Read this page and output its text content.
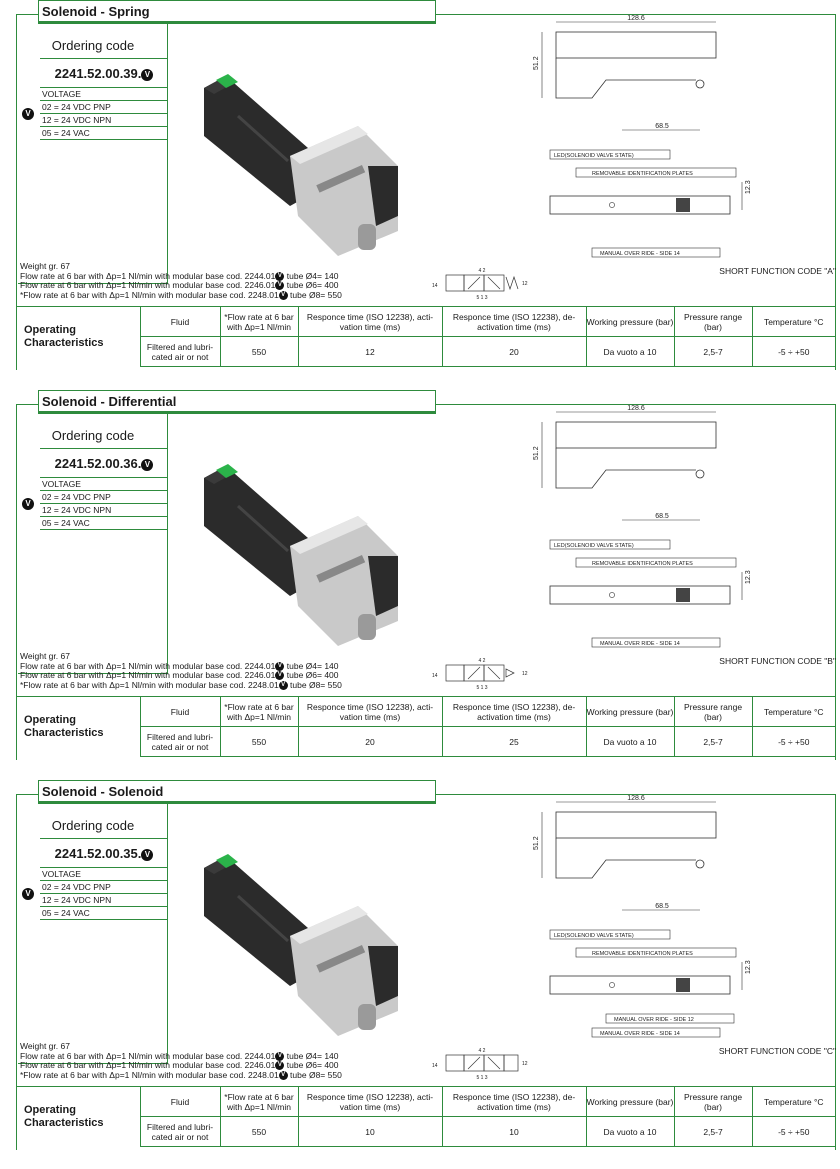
Solenoid - Spring
Ordering code
2241.52.00.39. V
V
VOLTAGE
02 = 24 VDC PNP
12 = 24 VDC NPN
05 = 24 VAC
128.6
51.2
68.5
LED(SOLENOID VALVE STATE)
REMOVABLE IDENTIFICATION PLATES
12.3
MANUAL OVER RIDE - SIDE 14
Weight gr. 67
Flow rate at 6 bar with Δp=1 Nl/min with modular base cod. 2244.01 V tube Ø4= 140
Flow rate at 6 bar with Δp=1 Nl/min with modular base cod. 2246.01 V tube Ø6= 400
*Flow rate at 6 bar with Δp=1 Nl/min with modular base cod. 2248.01 V tube Ø8= 550
14
4 2
5 1 3
12
SHORT FUNCTION CODE "A"
Operating Characteristics	Fluid	*Flow rate at 6 bar with Δp=1 Nl/min	Responce time (ISO 12238), acti-vation time (ms)	Responce time (ISO 12238), de-activation time (ms)	Working pressure (bar)	Pressure range (bar)	Temperature °C
	Filtered and lubri-cated air or not	550	12	20	Da vuoto a 10	2,5-7	-5 ÷ +50
Solenoid - Differential
Ordering code
2241.52.00.36. V
V
VOLTAGE
02 = 24 VDC PNP
12 = 24 VDC NPN
05 = 24 VAC
128.6
51.2
68.5
LED(SOLENOID VALVE STATE)
REMOVABLE IDENTIFICATION PLATES
12.3
MANUAL OVER RIDE - SIDE 14
Weight gr. 67
Flow rate at 6 bar with Δp=1 Nl/min with modular base cod. 2244.01 V tube Ø4= 140
Flow rate at 6 bar with Δp=1 Nl/min with modular base cod. 2246.01 V tube Ø6= 400
*Flow rate at 6 bar with Δp=1 Nl/min with modular base cod. 2248.01 V tube Ø8= 550
14
4 2
5 1 3
12
SHORT FUNCTION CODE "B"
Operating Characteristics	Fluid	*Flow rate at 6 bar with Δp=1 Nl/min	Responce time (ISO 12238), acti-vation time (ms)	Responce time (ISO 12238), de-activation time (ms)	Working pressure (bar)	Pressure range (bar)	Temperature °C
	Filtered and lubri-cated air or not	550	20	25	Da vuoto a 10	2,5-7	-5 ÷ +50
Solenoid - Solenoid
Ordering code
2241.52.00.35. V
V
VOLTAGE
02 = 24 VDC PNP
12 = 24 VDC NPN
05 = 24 VAC
128.6
51.2
68.5
LED(SOLENOID VALVE STATE)
REMOVABLE IDENTIFICATION PLATES
12.3
MANUAL OVER RIDE - SIDE 12
MANUAL OVER RIDE - SIDE 14
Weight gr. 67
Flow rate at 6 bar with Δp=1 Nl/min with modular base cod. 2244.01 V tube Ø4= 140
Flow rate at 6 bar with Δp=1 Nl/min with modular base cod. 2246.01 V tube Ø6= 400
*Flow rate at 6 bar with Δp=1 Nl/min with modular base cod. 2248.01 V tube Ø8= 550
14
4 2
5 1 3
12
SHORT FUNCTION CODE "C"
Operating Characteristics	Fluid	*Flow rate at 6 bar with Δp=1 Nl/min	Responce time (ISO 12238), acti-vation time (ms)	Responce time (ISO 12238), de-activation time (ms)	Working pressure (bar)	Pressure range (bar)	Temperature °C
	Filtered and lubri-cated air or not	550	10	10	Da vuoto a 10	2,5-7	-5 ÷ +50
